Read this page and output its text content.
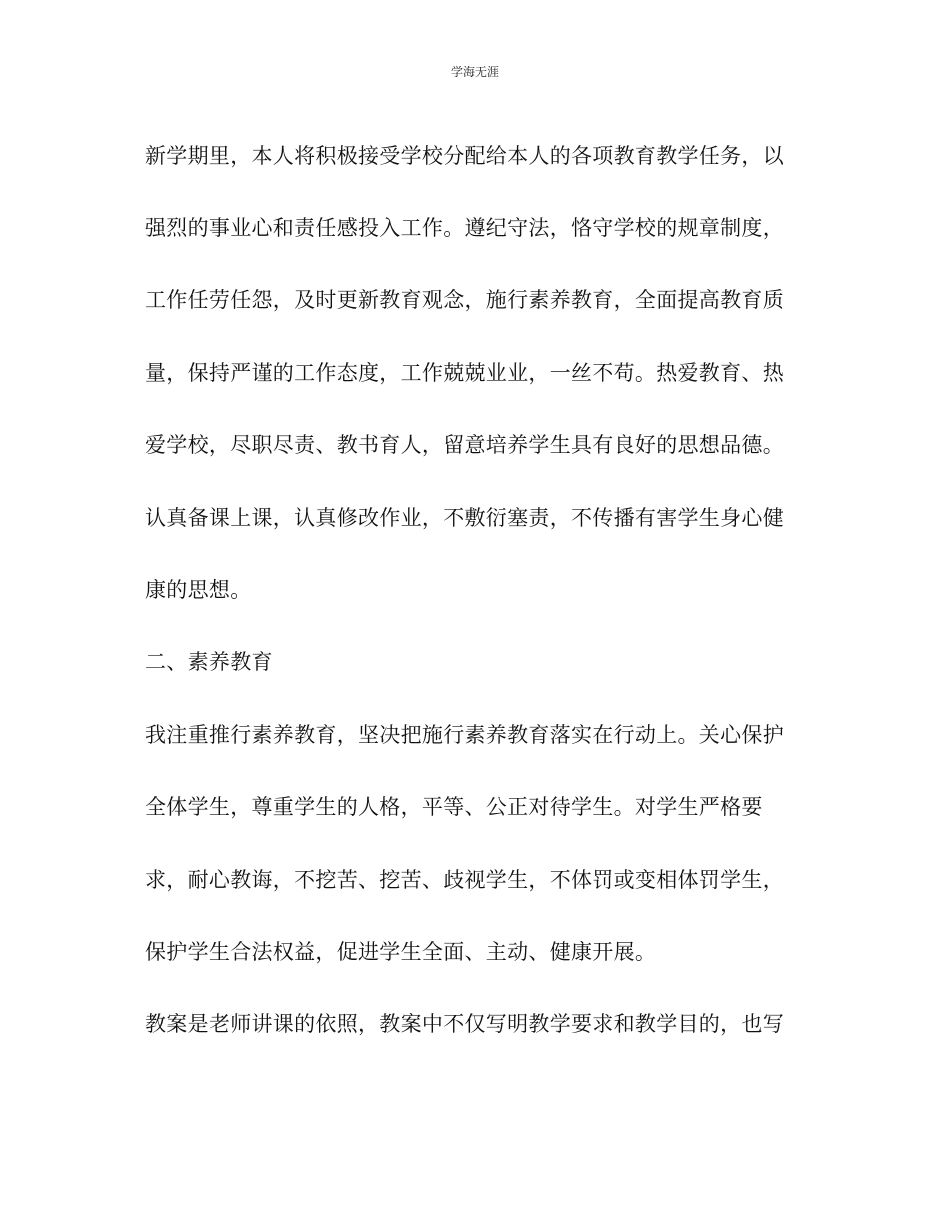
学海无涯
新学期里，本人将积极接受学校分配给本人的各项教育教学任务，以
强烈的事业心和责任感投入工作。遵纪守法，恪守学校的规章制度，
工作任劳任怨，及时更新教育观念，施行素养教育，全面提高教育质
量，保持严谨的工作态度，工作兢兢业业，一丝不苟。热爱教育、热
爱学校，尽职尽责、教书育人，留意培养学生具有良好的思想品德。
认真备课上课，认真修改作业，不敷衍塞责，不传播有害学生身心健
康的思想。
二、素养教育
我注重推行素养教育，坚决把施行素养教育落实在行动上。关心保护
全体学生，尊重学生的人格，平等、公正对待学生。对学生严格要
求，耐心教诲，不挖苦、挖苦、歧视学生，不体罚或变相体罚学生，
保护学生合法权益，促进学生全面、主动、健康开展。
教案是老师讲课的依照，教案中不仅写明教学要求和教学目的，也写
